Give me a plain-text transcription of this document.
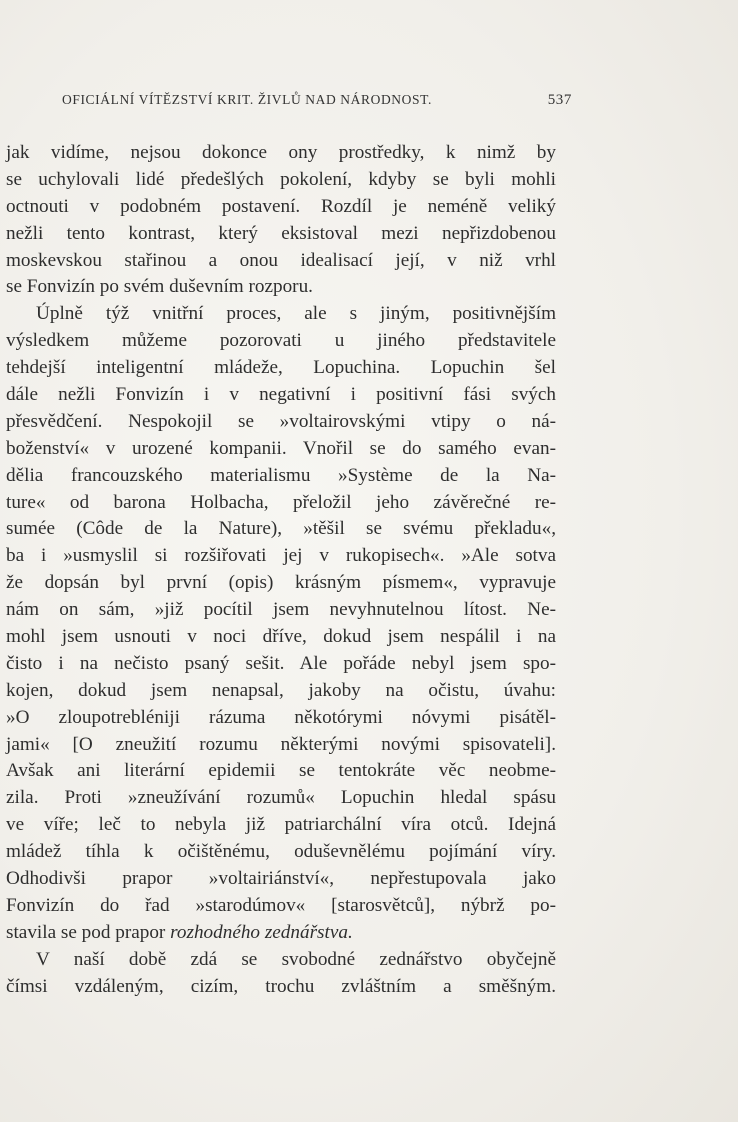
OFICIÁLNÍ VÍTĚZSTVÍ KRIT. ŽIVLŮ NAD NÁRODNOST.	537
jak vidíme, nejsou dokonce ony prostředky, k nimž by
se uchylovali lidé předešlých pokolení, kdyby se byli mohli
octnouti v podobném postavení. Rozdíl je neméně veliký
nežli tento kontrast, který eksistoval mezi nepřizdobenou
moskevskou stařinou a onou idealisací její, v niž vrhl
se Fonvizín po svém duševním rozporu.
Úplně týž vnitřní proces, ale s jiným, positivnějším
výsledkem můžeme pozorovati u jiného představitele
tehdejší inteligentní mládeže, Lopuchina. Lopuchin šel
dále nežli Fonvizín i v negativní i positivní fási svých
přesvědčení. Nespokojil se »voltairovskými vtipy o ná-
boženství« v urozené kompanii. Vnořil se do samého evan-
dělia francouzského materialismu »Système de la Na-
ture« od barona Holbacha, přeložil jeho závěrečné re-
sumée (Côde de la Nature), »těšil se svému překladu«,
ba i »usmyslil si rozšiřovati jej v rukopisech«. »Ale sotva
že dopsán byl první (opis) krásným písmem«, vypravuje
nám on sám, »již pocítil jsem nevyhnutelnou lítost. Ne-
mohl jsem usnouti v noci dříve, dokud jsem nespálil i na
čisto i na nečisto psaný sešit. Ale pořáde nebyl jsem spo-
kojen, dokud jsem nenapsal, jakoby na očistu, úvahu:
»O zloupotrebléniji rázuma někotórymi nóvymi pisátěl-
jami« [O zneužití rozumu některými novými spisovateli].
Avšak ani literární epidemii se tentokráte věc neobme-
zila. Proti »zneužívání rozumů« Lopuchin hledal spásu
ve víře; leč to nebyla již patriarchální víra otců. Idejná
mládež tíhla k očištěnému, oduševnělému pojímání víry.
Odhodivši prapor »voltairiánství«, nepřestupovala jako
Fonvizín do řad »starodúmov« [starosvětců], nýbrž po-
stavila se pod prapor rozhodného zednářstva.
V naší době zdá se svobodné zednářstvo obyčejně
čímsi vzdáleným, cizím, trochu zvláštním a směšným.
